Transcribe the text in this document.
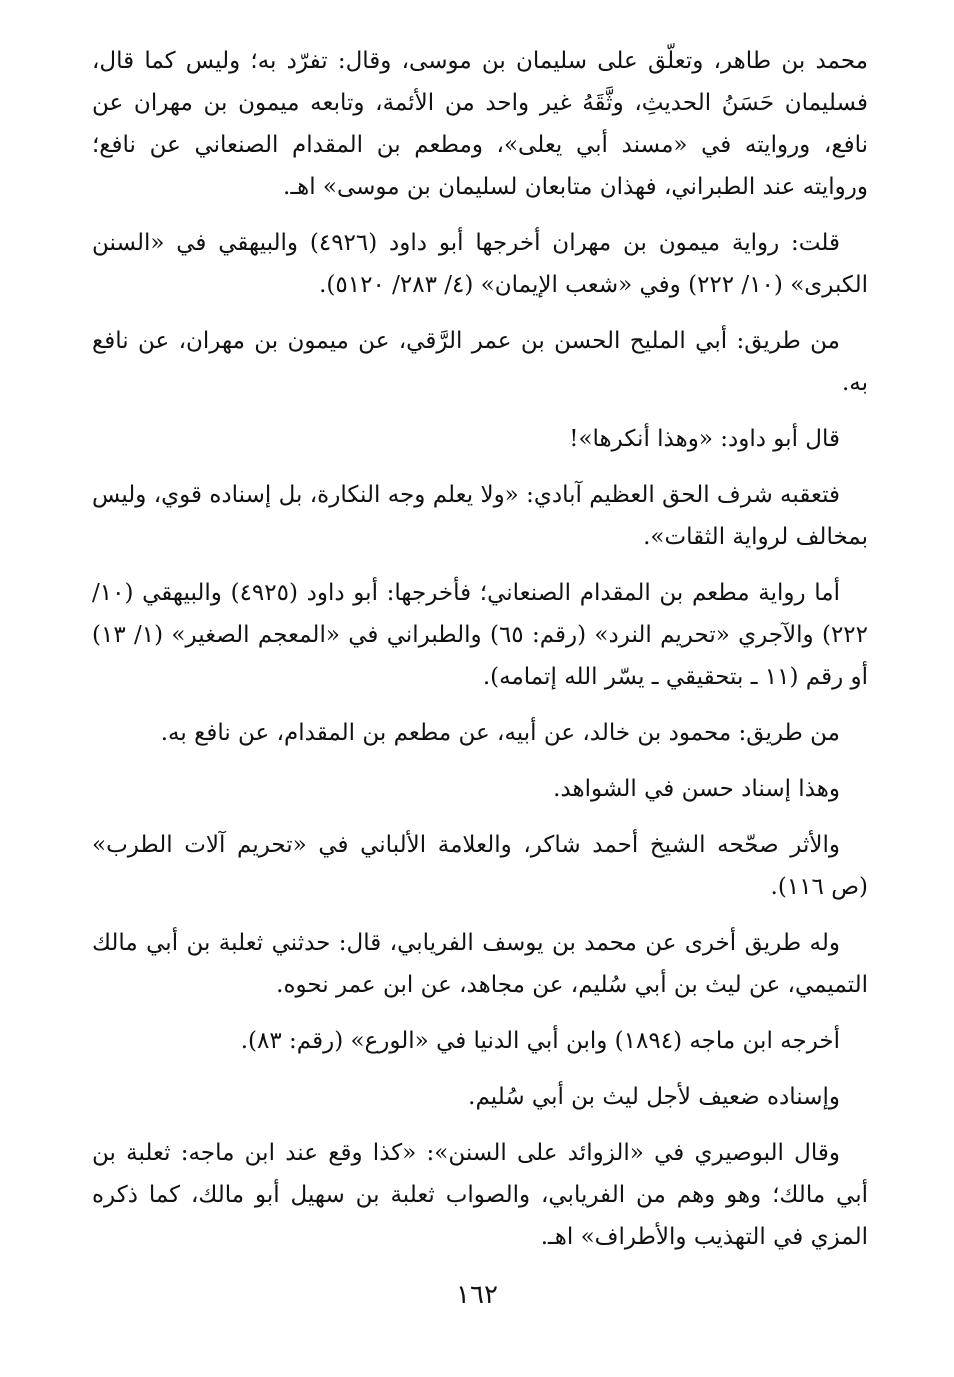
محمد بن طاهر، وتعلّق على سليمان بن موسى، وقال: تفرّد به؛ وليس كما قال، فسليمان حَسَنُ الحديثِ، وثَّقَهُ غير واحد من الأئمة، وتابعه ميمون بن مهران عن نافع، وروايته في «مسند أبي يعلى»، ومطعم بن المقدام الصنعاني عن نافع؛ وروايته عند الطبراني، فهذان متابعان لسليمان بن موسى» اهـ.

قلت: رواية ميمون بن مهران أخرجها أبو داود (٤٩٢٦) والبيهقي في «السنن الكبرى» (١٠/ ٢٢٢) وفي «شعب الإيمان» (٤/ ٢٨٣/ ٥١٢٠).

من طريق: أبي المليح الحسن بن عمر الرَّقي، عن ميمون بن مهران، عن نافع به.

قال أبو داود: «وهذا أنكرها»!

فتعقبه شرف الحق العظيم آبادي: «ولا يعلم وجه النكارة، بل إسناده قوي، وليس بمخالف لرواية الثقات».

أما رواية مطعم بن المقدام الصنعاني؛ فأخرجها: أبو داود (٤٩٢٥) والبيهقي (١٠/ ٢٢٢) والآجري «تحريم النرد» (رقم: ٦٥) والطبراني في «المعجم الصغير» (١/ ١٣) أو رقم (١١ ـ بتحقيقي ـ يسّر الله إتمامه).

من طريق: محمود بن خالد، عن أبيه، عن مطعم بن المقدام، عن نافع به.

وهذا إسناد حسن في الشواهد.

والأثر صحّحه الشيخ أحمد شاكر، والعلامة الألباني في «تحريم آلات الطرب» (ص ١١٦).

وله طريق أخرى عن محمد بن يوسف الفريابي، قال: حدثني ثعلبة بن أبي مالك التميمي، عن ليث بن أبي سُليم، عن مجاهد، عن ابن عمر نحوه.

أخرجه ابن ماجه (١٨٩٤) وابن أبي الدنيا في «الورع» (رقم: ٨٣).

وإسناده ضعيف لأجل ليث بن أبي سُليم.

وقال البوصيري في «الزوائد على السنن»: «كذا وقع عند ابن ماجه: ثعلبة بن أبي مالك؛ وهو وهم من الفريابي، والصواب ثعلبة بن سهيل أبو مالك، كما ذكره المزي في التهذيب والأطراف» اهـ.

١٦٢
